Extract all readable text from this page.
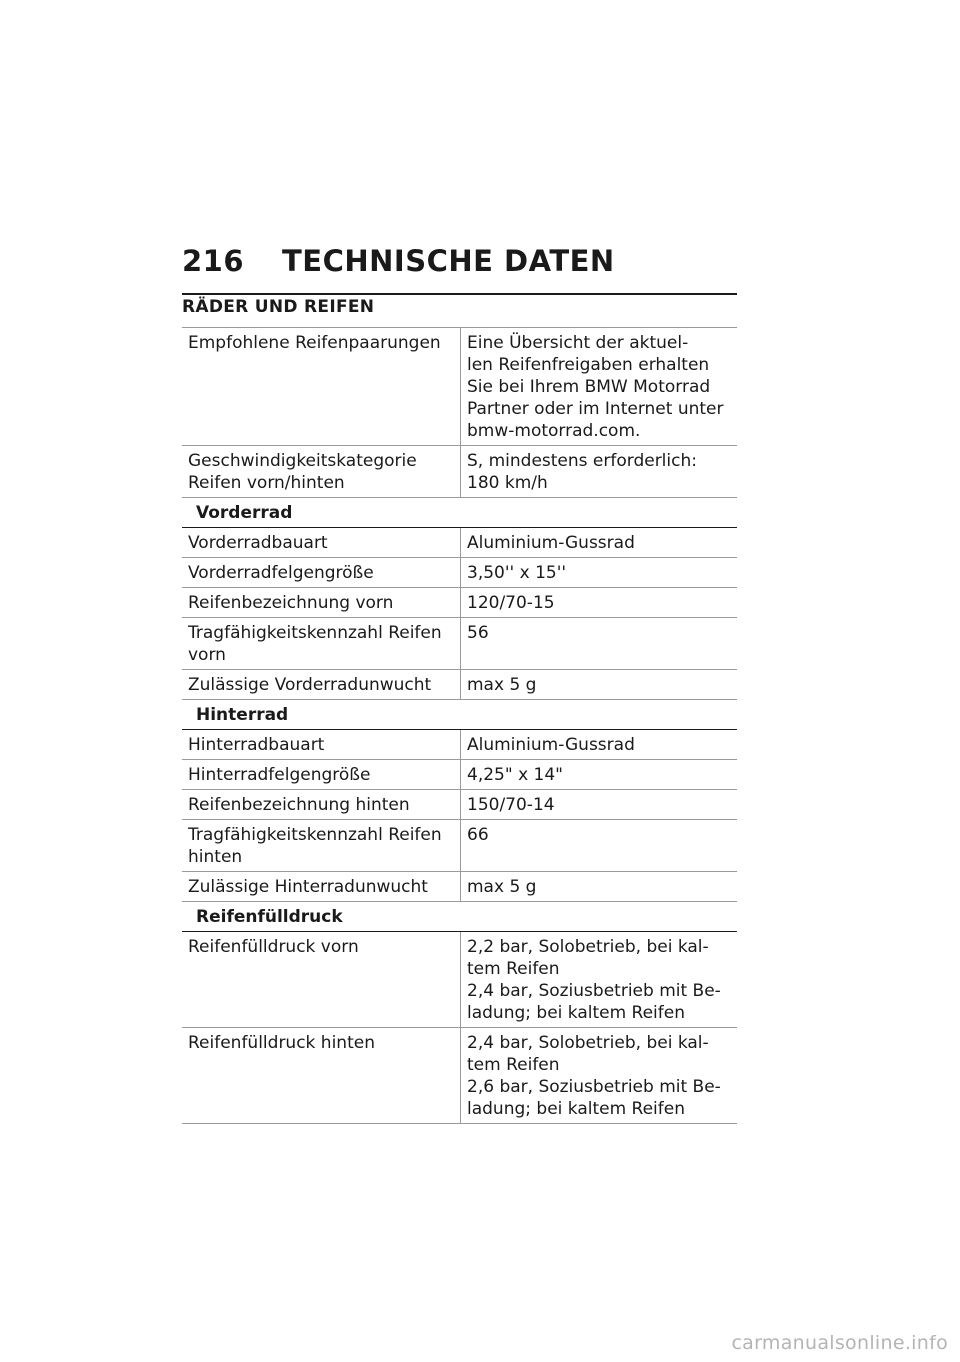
216	TECHNISCHE DATEN
RÄDER UND REIFEN
Empfohlene Reifenpaarungen	Eine Übersicht der aktuel-
len Reifenfreigaben erhalten
Sie bei Ihrem BMW Motorrad
Partner oder im Internet unter
bmw-motorrad.com.

Geschwindigkeitskategorie
Reifen vorn/hinten	S, mindestens erforderlich:
180 km/h

Vorderrad	

Vorderradbauart	Aluminium-Gussrad

Vorderradfelgengröße	3,50'' x 15''

Reifenbezeichnung vorn	120/70-15

Tragfähigkeitskennzahl Reifen
vorn	56

Zulässige Vorderradunwucht	max 5 g

Hinterrad	

Hinterradbauart	Aluminium-Gussrad

Hinterradfelgengröße	4,25" x 14"

Reifenbezeichnung hinten	150/70-14

Tragfähigkeitskennzahl Reifen
hinten	66

Zulässige Hinterradunwucht	max 5 g

Reifenfülldruck	

Reifenfülldruck vorn	2,2 bar, Solobetrieb, bei kal-
tem Reifen
2,4 bar, Soziusbetrieb mit Be-
ladung; bei kaltem Reifen

Reifenfülldruck hinten	2,4 bar, Solobetrieb, bei kal-
tem Reifen
2,6 bar, Soziusbetrieb mit Be-
ladung; bei kaltem Reifen
carmanualsonline.info
